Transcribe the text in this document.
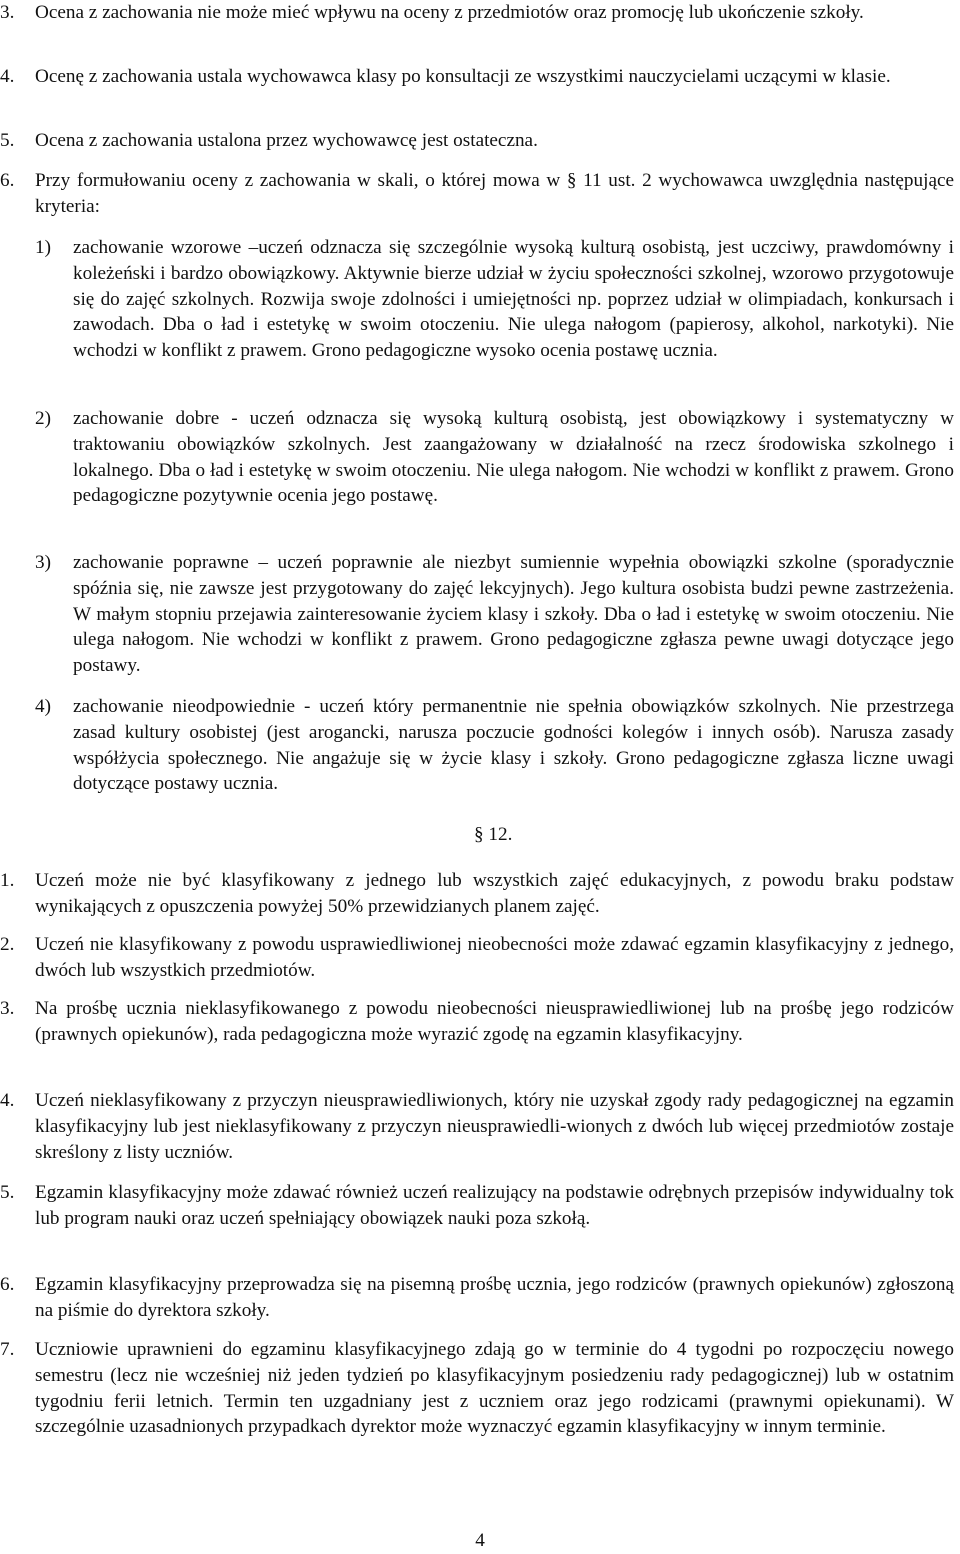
3. Ocena z zachowania nie może mieć wpływu na oceny z przedmiotów oraz promocję lub ukończenie szkoły.
4. Ocenę z zachowania ustala wychowawca klasy po konsultacji ze wszystkimi nauczycielami uczącymi w klasie.
5. Ocena z zachowania ustalona przez wychowawcę jest ostateczna.
6. Przy formułowaniu oceny z zachowania w skali, o której mowa w § 11 ust. 2 wychowawca uwzględnia następujące kryteria:
1) zachowanie wzorowe –uczeń odznacza się szczególnie wysoką kulturą osobistą, jest uczciwy, prawdomówny i koleżeński i bardzo obowiązkowy. Aktywnie bierze udział w życiu społeczności szkolnej, wzorowo przygotowuje się do zajęć szkolnych. Rozwija swoje zdolności i umiejętności np. poprzez udział w olimpiadach, konkursach i zawodach. Dba o ład i estetykę w swoim otoczeniu. Nie ulega nałogom (papierosy, alkohol, narkotyki). Nie wchodzi w konflikt z prawem. Grono pedagogiczne wysoko ocenia postawę ucznia.
2) zachowanie dobre - uczeń odznacza się wysoką kulturą osobistą, jest obowiązkowy i systematyczny w traktowaniu obowiązków szkolnych. Jest zaangażowany w działalność na rzecz środowiska szkolnego i lokalnego. Dba o ład i estetykę w swoim otoczeniu. Nie ulega nałogom. Nie wchodzi w konflikt z prawem. Grono pedagogiczne pozytywnie ocenia jego postawę.
3) zachowanie poprawne – uczeń poprawnie ale niezbyt sumiennie wypełnia obowiązki szkolne (sporadycznie spóźnia się, nie zawsze jest przygotowany do zajęć lekcyjnych). Jego kultura osobista budzi pewne zastrzeżenia. W małym stopniu przejawia zainteresowanie życiem klasy i szkoły. Dba o ład i estetykę w swoim otoczeniu. Nie ulega nałogom. Nie wchodzi w konflikt z prawem. Grono pedagogiczne zgłasza pewne uwagi dotyczące jego postawy.
4) zachowanie nieodpowiednie - uczeń który permanentnie nie spełnia obowiązków szkolnych. Nie przestrzega zasad kultury osobistej (jest arogancki, narusza poczucie godności kolegów i innych osób). Narusza zasady współżycia społecznego. Nie angażuje się w życie klasy i szkoły. Grono pedagogiczne zgłasza liczne uwagi dotyczące postawy ucznia.
§ 12.
1. Uczeń może nie być klasyfikowany z jednego lub wszystkich zajęć edukacyjnych, z powodu braku podstaw wynikających z opuszczenia powyżej 50% przewidzianych planem zajęć.
2. Uczeń nie klasyfikowany z powodu usprawiedliwionej nieobecności może zdawać egzamin klasyfikacyjny z jednego, dwóch lub wszystkich przedmiotów.
3. Na prośbę ucznia nieklasyfikowanego z powodu nieobecności nieusprawiedliwionej lub na prośbę jego rodziców (prawnych opiekunów), rada pedagogiczna może wyrazić zgodę na egzamin klasyfikacyjny.
4. Uczeń nieklasyfikowany z przyczyn nieusprawiedliwionych, który nie uzyskał zgody rady pedagogicznej na egzamin klasyfikacyjny lub jest nieklasyfikowany z przyczyn nieusprawiedli-wionych z dwóch lub więcej przedmiotów zostaje skreślony z listy uczniów.
5. Egzamin klasyfikacyjny może zdawać również uczeń realizujący na podstawie odrębnych przepisów indywidualny tok lub program nauki oraz uczeń spełniający obowiązek nauki poza szkołą.
6. Egzamin klasyfikacyjny przeprowadza się na pisemną prośbę ucznia, jego rodziców (prawnych opiekunów) zgłoszoną na piśmie do dyrektora szkoły.
7. Uczniowie uprawnieni do egzaminu klasyfikacyjnego zdają go w terminie do 4 tygodni po rozpoczęciu nowego semestru (lecz nie wcześniej niż jeden tydzień po klasyfikacyjnym posiedzeniu rady pedagogicznej) lub w ostatnim tygodniu ferii letnich. Termin ten uzgadniany jest z uczniem oraz jego rodzicami (prawnymi opiekunami). W szczególnie uzasadnionych przypadkach dyrektor może wyznaczyć egzamin klasyfikacyjny w innym terminie.
4
